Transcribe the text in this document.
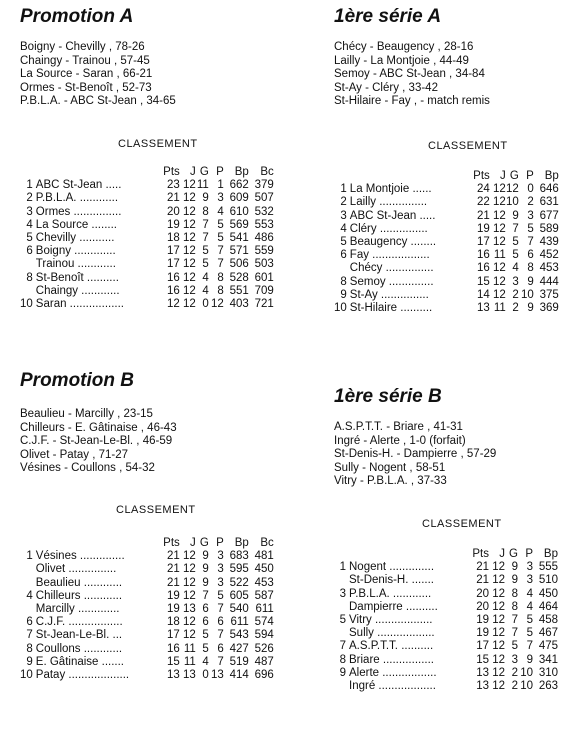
Promotion A
Boigny - Chevilly , 78-26
Chaingy - Trainou , 57-45
La Source - Saran , 66-21
Ormes - St-Benoît , 52-73
P.B.L.A. - ABC St-Jean , 34-65
CLASSEMENT
		Pts	J	G	P	Bp	Bc
1	ABC St-Jean .....	23	12	11	1	662	379
2	P.B.L.A. ............	21	12	9	3	609	507
3	Ormes ...............	20	12	8	4	610	532
4	La Source ........	19	12	7	5	569	553
5	Chevilly ...........	18	12	7	5	541	486
6	Boigny .............	17	12	5	7	571	559
	Trainou ............	17	12	5	7	506	503
8	St-Benoît ..........	16	12	4	8	528	601
	Chaingy ............	16	12	4	8	551	709
10	Saran .................	12	12	0	12	403	721
Promotion B
Beaulieu - Marcilly , 23-15
Chilleurs - E. Gâtinaise , 46-43
C.J.F. - St-Jean-Le-Bl. , 46-59
Olivet - Patay , 71-27
Vésines - Coullons , 54-32
CLASSEMENT
		Pts	J	G	P	Bp	Bc
1	Vésines ..............	21	12	9	3	683	481
	Olivet ...............	21	12	9	3	595	450
	Beaulieu ............	21	12	9	3	522	453
4	Chilleurs ............	19	12	7	5	605	587
	Marcilly .............	19	13	6	7	540	611
6	C.J.F. .................	18	12	6	6	611	574
7	St-Jean-Le-Bl. ...	17	12	5	7	543	594
8	Coullons ............	16	11	5	6	427	526
9	E. Gâtinaise .......	15	11	4	7	519	487
10	Patay ...................	13	13	0	13	414	696
1ère série A
Chécy - Beaugency , 28-16
Lailly - La Montjoie , 44-49
Semoy - ABC St-Jean , 34-84
St-Ay - Cléry , 33-42
St-Hilaire - Fay , - match remis
CLASSEMENT
		Pts	J	G	P	Bp
1	La Montjoie ......	24	12	12	0	646
2	Lailly ...............	22	12	10	2	631
3	ABC St-Jean .....	21	12	9	3	677
4	Cléry ...............	19	12	7	5	589
5	Beaugency ........	17	12	5	7	439
6	Fay ..................	16	11	5	6	452
	Chécy ...............	16	12	4	8	453
8	Semoy ..............	15	12	3	9	444
9	St-Ay ...............	14	12	2	10	375
10	St-Hilaire ..........	13	11	2	9	369
1ère série B
A.S.P.T.T. - Briare , 41-31
Ingré - Alerte , 1-0 (forfait)
St-Denis-H. - Dampierre , 57-29
Sully - Nogent , 58-51
Vitry - P.B.L.A. , 37-33
CLASSEMENT
		Pts	J	G	P	Bp
1	Nogent ..............	21	12	9	3	555
	St-Denis-H. .......	21	12	9	3	510
3	P.B.L.A. ............	20	12	8	4	450
	Dampierre ..........	20	12	8	4	464
5	Vitry ..................	19	12	7	5	458
	Sully ..................	19	12	7	5	467
7	A.S.P.T.T. ..........	17	12	5	7	475
8	Briare ................	15	12	3	9	341
9	Alerte .................	13	12	2	10	310
	Ingré ..................	13	12	2	10	263
